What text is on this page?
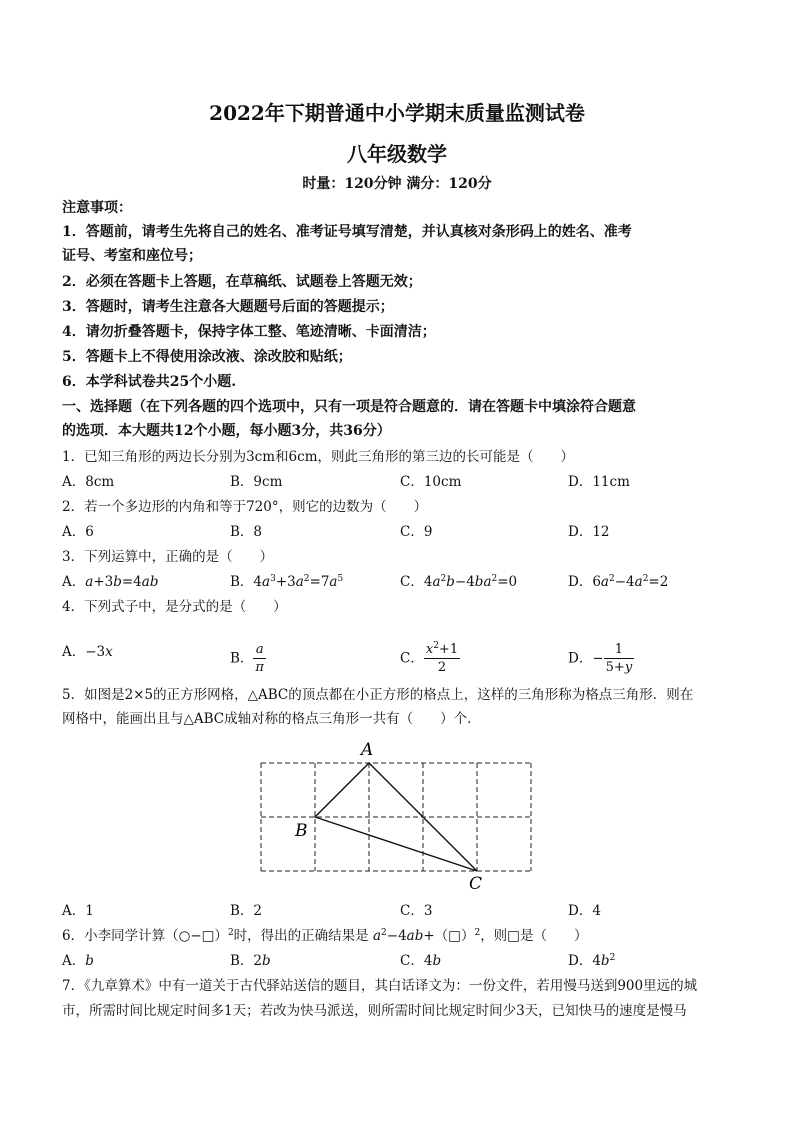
2022年下期普通中小学期末质量监测试卷
八年级数学
时量：120分钟 满分：120分
注意事项：
1．答题前，请考生先将自己的姓名、准考证号填写清楚，并认真核对条形码上的姓名、准考
证号、考室和座位号；
2．必须在答题卡上答题，在草稿纸、试题卷上答题无效；
3．答题时，请考生注意各大题题号后面的答题提示；
4．请勿折叠答题卡，保持字体工整、笔迹清晰、卡面清洁；
5．答题卡上不得使用涂改液、涂改胶和贴纸；
6．本学科试卷共25个小题.
一、选择题（在下列各题的四个选项中，只有一项是符合题意的．请在答题卡中填涂符合题意
的选项．本大题共12个小题，每小题3分，共36分）
1．已知三角形的两边长分别为3cm和6cm，则此三角形的第三边的长可能是（　　）
A．8cm	B．9cm	C．10cm	D．11cm
2．若一个多边形的内角和等于720°，则它的边数为（　　）
A．6	B．8	C．9	D．12
3．下列运算中，正确的是（　　）
A．a+3b=4ab	B．$4a^3+3a^2=7a^5$	C．$4a^2b-4ba^2=0$	D．$6a^2-4a^2=2$
4．下列式子中，是分式的是（　　）
A．−3x	B． $\frac{a}{\pi}$	C． $\frac{x^2+1}{2}$	D．− $\frac{1}{5+y}$
5．如图是2×5的正方形网格，△ABC的顶点都在小正方形的格点上，这样的三角形称为格点三角形．则在
网格中，能画出且与△ABC成轴对称的格点三角形一共有（　　）个．
A
B
C
A．1	B．2	C．3	D．4
6．小李同学计算（○−□）$^2$时，得出的正确结果是 $a^2-4ab+(□)^2$，则□是（　　）
A．b	B．2b	C．4b	D．$4b^2$
7．《九章算术》中有一道关于古代驿站送信的题目，其白话译文为：一份文件，若用慢马送到900里远的城
市，所需时间比规定时间多1天；若改为快马派送，则所需时间比规定时间少3天，已知快马的速度是慢马
